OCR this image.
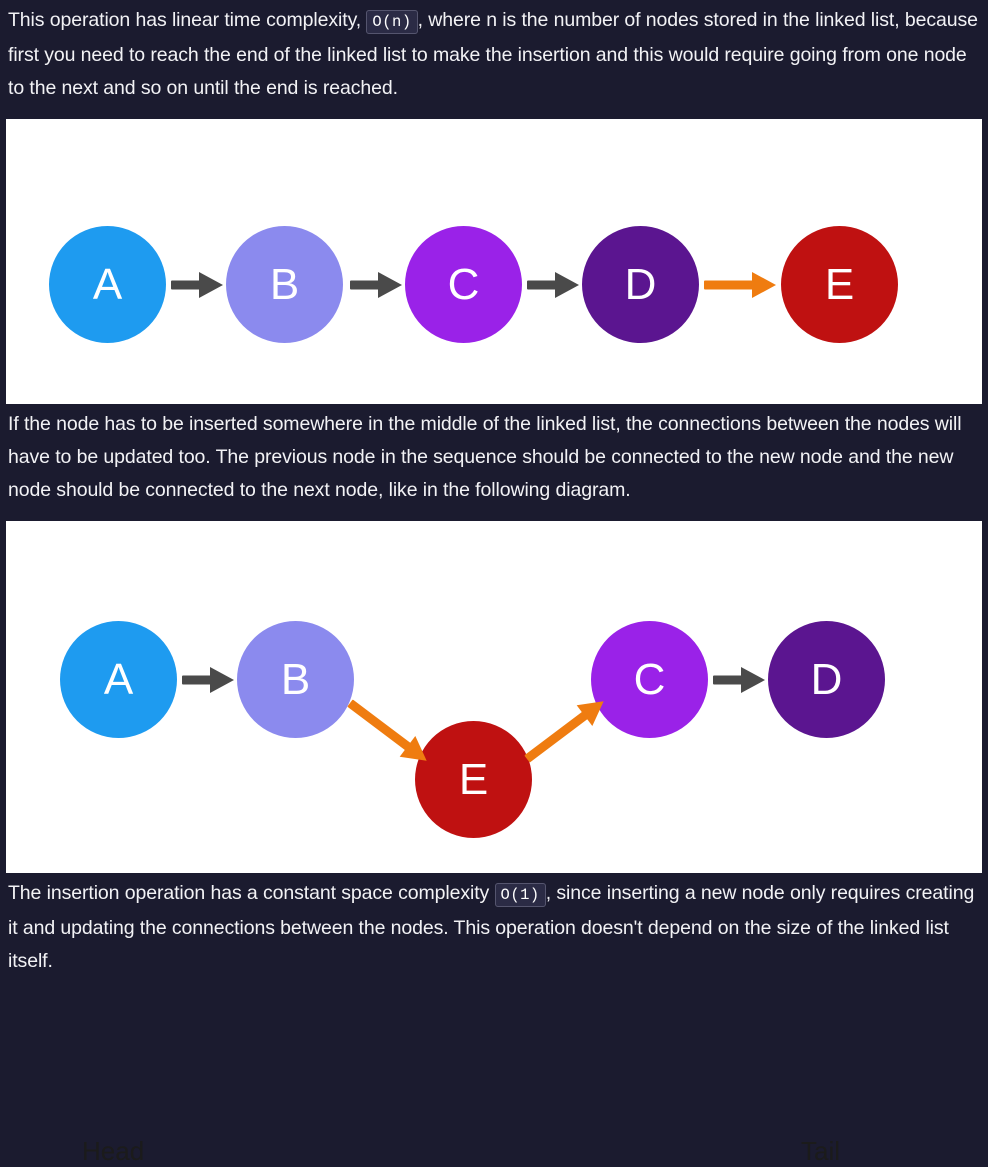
This operation has linear time complexity, O(n) , where n is the number of nodes stored in the linked list, because first you need to reach the end of the linked list to make the insertion and this would require going from one node to the next and so on until the end is reached.

A	B	C	D	E

If the node has to be inserted somewhere in the middle of the linked list, the connections between the nodes will have to be updated too. The previous node in the sequence should be connected to the new node and the new node should be connected to the next node, like in the following diagram.

Head	Tail
A	B
E
C	D

The insertion operation has a constant space complexity O(1) , since inserting a new node only requires creating it and updating the connections between the nodes. This operation doesn't depend on the size of the linked list itself.
